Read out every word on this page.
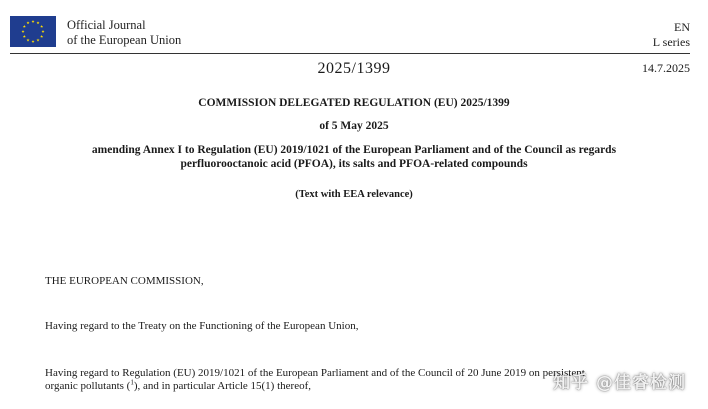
Official Journal
of the European Union
EN
L series
2025/1399	14.7.2025
COMMISSION DELEGATED REGULATION (EU) 2025/1399
of 5 May 2025
amending Annex I to Regulation (EU) 2019/1021 of the European Parliament and of the Council as regards perfluorooctanoic acid (PFOA), its salts and PFOA-related compounds
(Text with EEA relevance)
THE EUROPEAN COMMISSION,
Having regard to the Treaty on the Functioning of the European Union,
Having regard to Regulation (EU) 2019/1021 of the European Parliament and of the Council of 20 June 2019 on persistent
organic pollutants ($^1$), and in particular Article 15(1) thereof,	知乎 @佳睿检测
